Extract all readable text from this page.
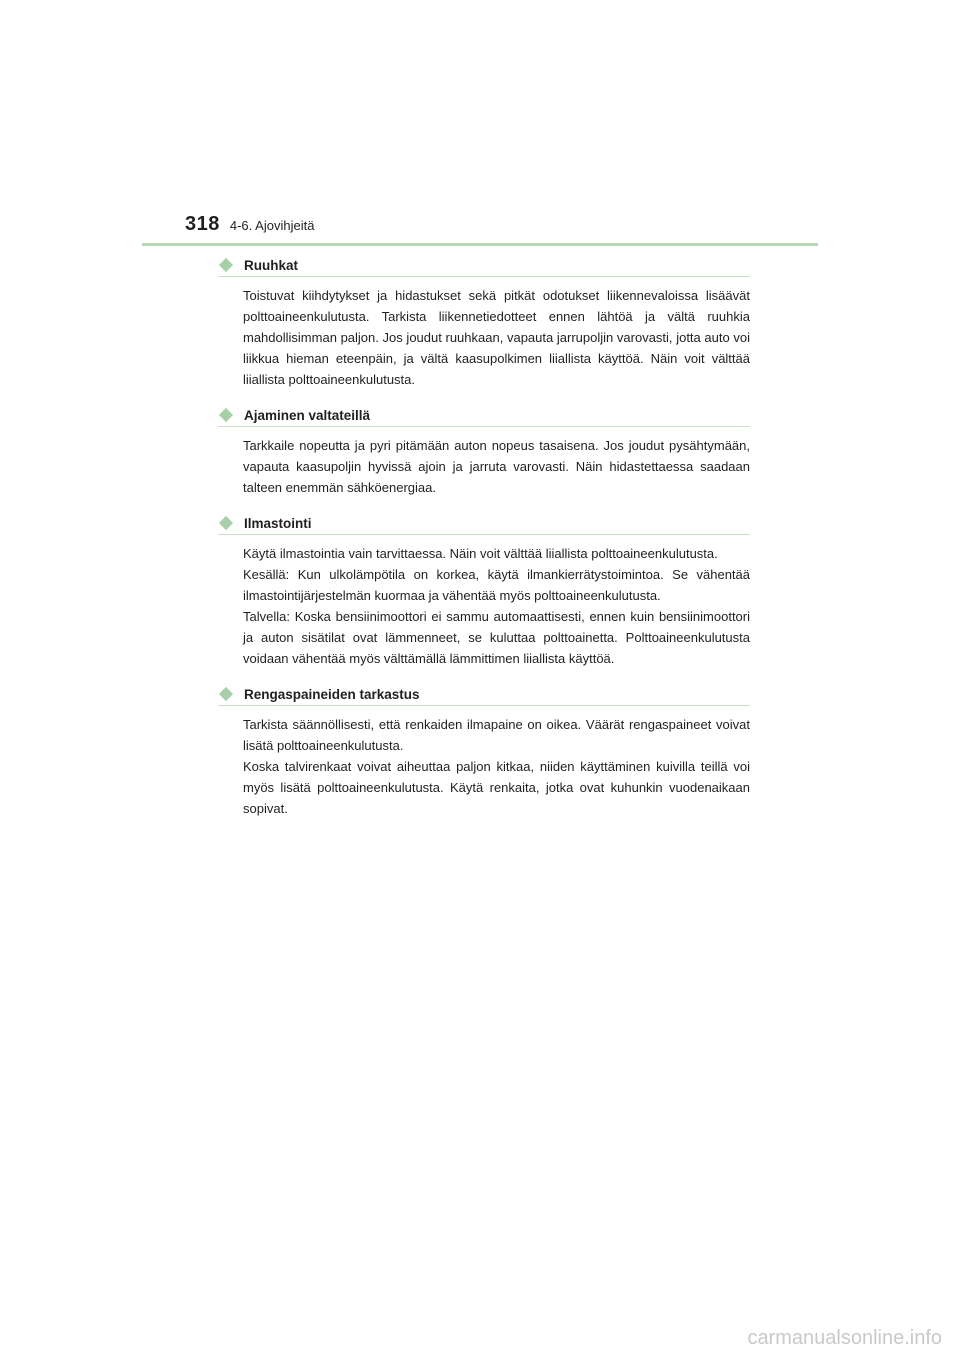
318 4-6. Ajovihjeitä
Ruuhkat

Toistuvat kiihdytykset ja hidastukset sekä pitkät odotukset liikennevaloissa lisäävät polttoaineenkulutusta. Tarkista liikennetiedotteet ennen lähtöä ja vältä ruuhkia mahdollisimman paljon. Jos joudut ruuhkaan, vapauta jarrupoljin varovasti, jotta auto voi liikkua hieman eteenpäin, ja vältä kaasupolkimen liiallista käyttöä. Näin voit välttää liiallista polttoaineenkulutusta.

Ajaminen valtateillä

Tarkkaile nopeutta ja pyri pitämään auton nopeus tasaisena. Jos joudut pysähtymään, vapauta kaasupoljin hyvissä ajoin ja jarruta varovasti. Näin hidastettaessa saadaan talteen enemmän sähköenergiaa.

Ilmastointi

Käytä ilmastointia vain tarvittaessa. Näin voit välttää liiallista polttoaineenkulutusta.

Kesällä: Kun ulkolämpötila on korkea, käytä ilmankierrätystoimintoa. Se vähentää ilmastointijärjestelmän kuormaa ja vähentää myös polttoaineenkulutusta.

Talvella: Koska bensiinimoottori ei sammu automaattisesti, ennen kuin bensiinimoottori ja auton sisätilat ovat lämmenneet, se kuluttaa polttoainetta. Polttoaineenkulutusta voidaan vähentää myös välttämällä lämmittimen liiallista käyttöä.

Rengaspaineiden tarkastus

Tarkista säännöllisesti, että renkaiden ilmapaine on oikea. Väärät rengaspaineet voivat lisätä polttoaineenkulutusta.

Koska talvirenkaat voivat aiheuttaa paljon kitkaa, niiden käyttäminen kuivilla teillä voi myös lisätä polttoaineenkulutusta. Käytä renkaita, jotka ovat kuhunkin vuodenaikaan sopivat.

carmanualsonline.info
